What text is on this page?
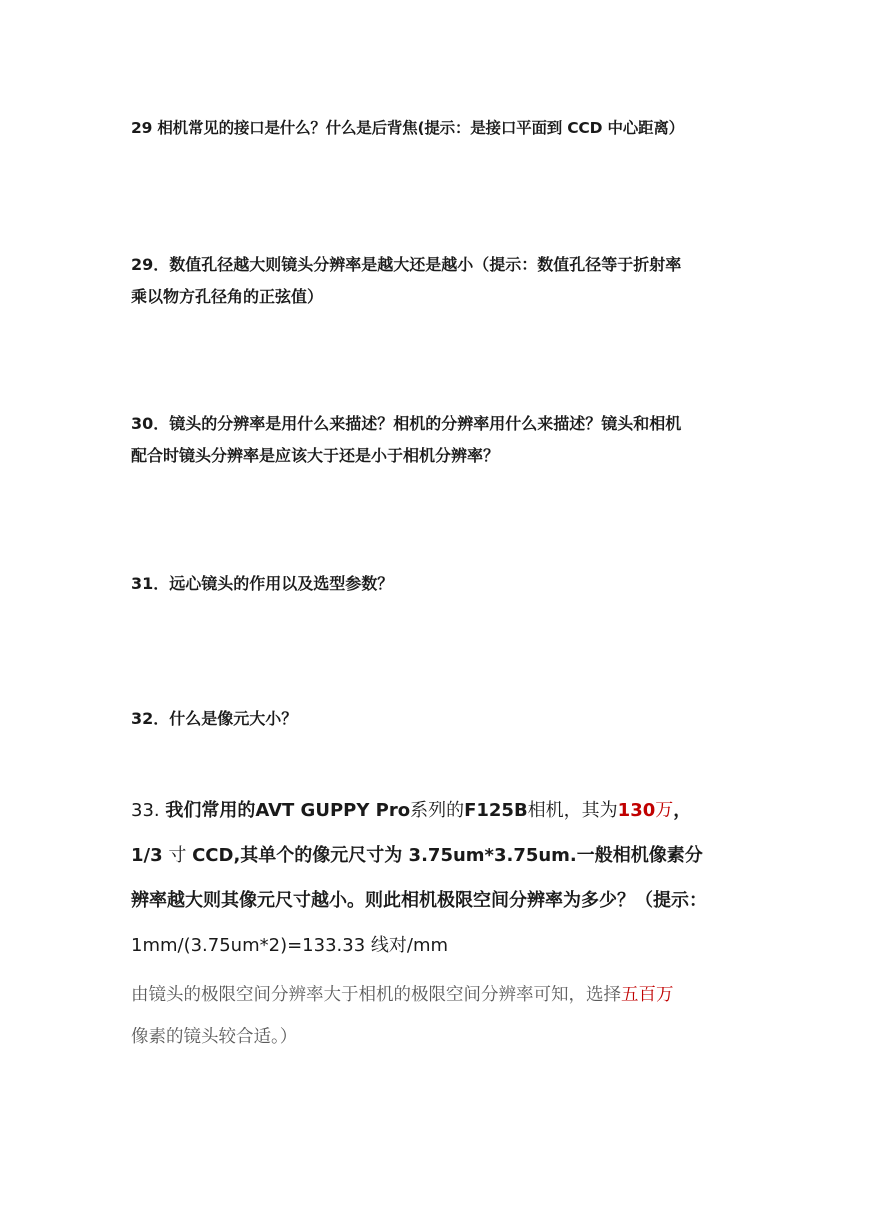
29 相机常见的接口是什么？什么是后背焦(提示：是接口平面到 CCD 中心距离）

29．数值孔径越大则镜头分辨率是越大还是越小（提示：数值孔径等于折射率
乘以物方孔径角的正弦值）

30．镜头的分辨率是用什么来描述？相机的分辨率用什么来描述？镜头和相机
配合时镜头分辨率是应该大于还是小于相机分辨率？

31．远心镜头的作用以及选型参数？

32．什么是像元大小？

33. 我们常用的AVT GUPPY Pro系列的F125B相机，其为130万，
1/3 寸 CCD,其单个的像元尺寸为 3.75um*3.75um.一般相机像素分
辨率越大则其像元尺寸越小。则此相机极限空间分辨率为多少？（提示：

1mm/(3.75um*2)=133.33 线对/mm

由镜头的极限空间分辨率大于相机的极限空间分辨率可知，选择五百万
像素的镜头较合适。）
